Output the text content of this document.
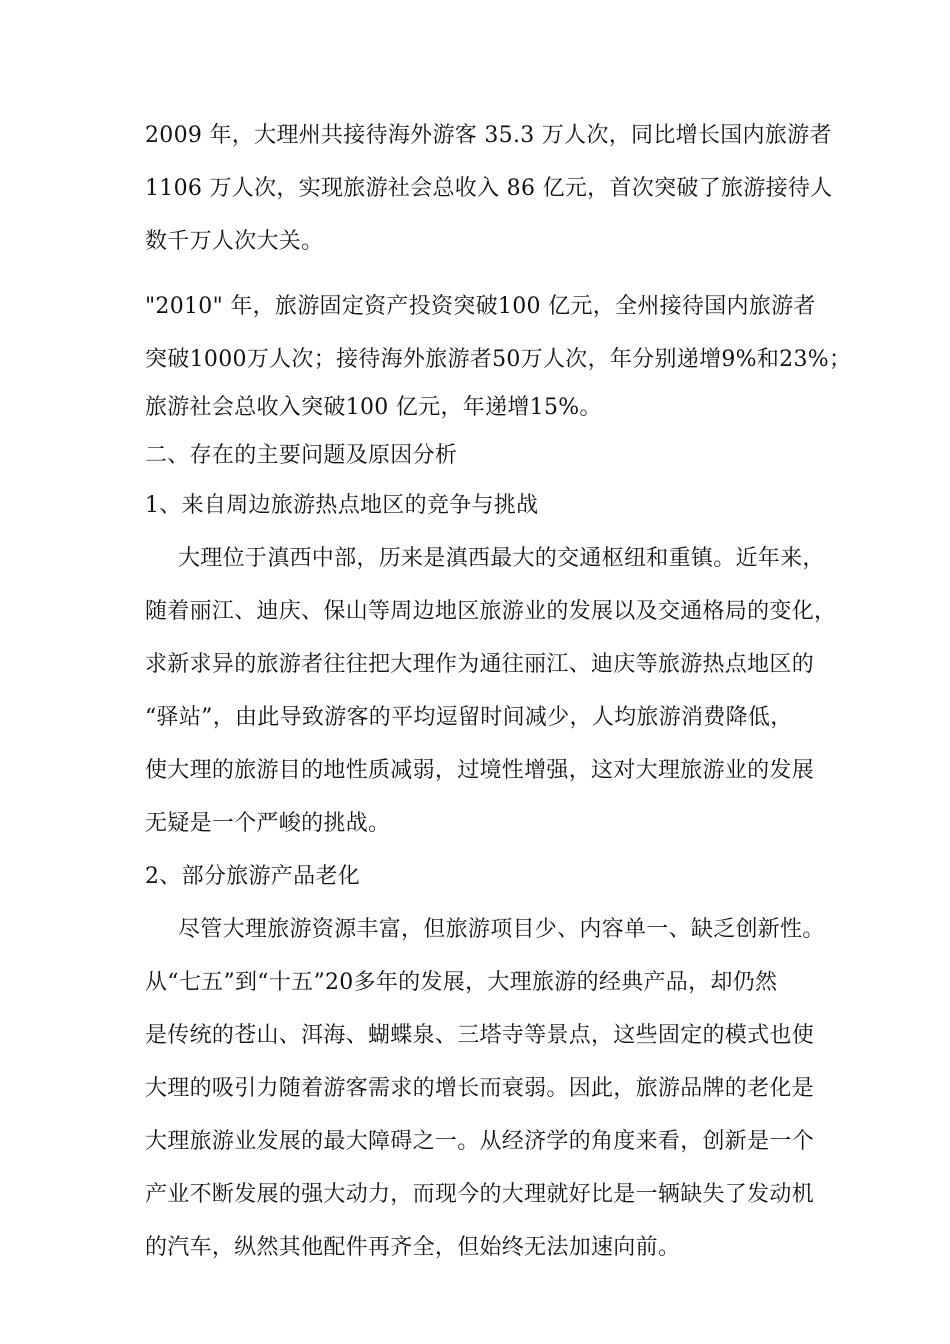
2009 年，大理州共接待海外游客 35.3 万人次，同比增长国内旅游者
1106 万人次，实现旅游社会总收入 86 亿元，首次突破了旅游接待人
数千万人次大关。
"2010" 年，旅游固定资产投资突破100 亿元，全州接待国内旅游者
突破1000万人次；接待海外旅游者50万人次，年分别递增9%和23%；
旅游社会总收入突破100 亿元，年递增15%。
二、存在的主要问题及原因分析
1、来自周边旅游热点地区的竞争与挑战
大理位于滇西中部，历来是滇西最大的交通枢纽和重镇。近年来，
随着丽江、迪庆、保山等周边地区旅游业的发展以及交通格局的变化，
求新求异的旅游者往往把大理作为通往丽江、迪庆等旅游热点地区的
“驿站”，由此导致游客的平均逗留时间减少，人均旅游消费降低，
使大理的旅游目的地性质减弱，过境性增强，这对大理旅游业的发展
无疑是一个严峻的挑战。
2、部分旅游产品老化
尽管大理旅游资源丰富，但旅游项目少、内容单一、缺乏创新性。
从“七五”到“十五”20多年的发展，大理旅游的经典产品，却仍然
是传统的苍山、洱海、蝴蝶泉、三塔寺等景点，这些固定的模式也使
大理的吸引力随着游客需求的增长而衰弱。因此，旅游品牌的老化是
大理旅游业发展的最大障碍之一。从经济学的角度来看，创新是一个
产业不断发展的强大动力，而现今的大理就好比是一辆缺失了发动机
的汽车，纵然其他配件再齐全，但始终无法加速向前。
